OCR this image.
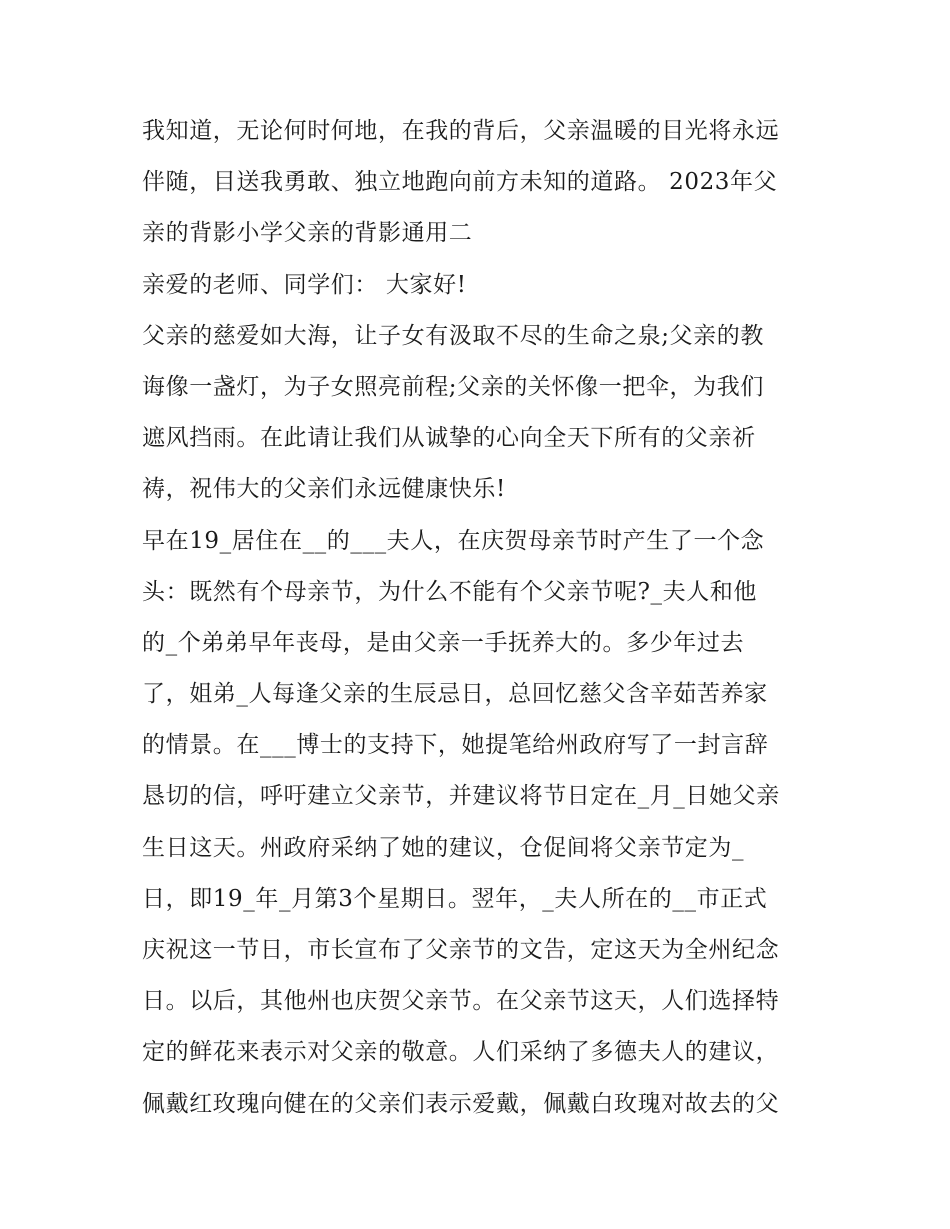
我知道，无论何时何地，在我的背后，父亲温暖的目光将永远
伴随，目送我勇敢、独立地跑向前方未知的道路。 2023年父
亲的背影小学父亲的背影通用二
亲爱的老师、同学们： 大家好!
父亲的慈爱如大海，让子女有汲取不尽的生命之泉;父亲的教
诲像一盏灯，为子女照亮前程;父亲的关怀像一把伞，为我们
遮风挡雨。在此请让我们从诚挚的心向全天下所有的父亲祈
祷，祝伟大的父亲们永远健康快乐!
早在19_居住在__的___夫人，在庆贺母亲节时产生了一个念
头：既然有个母亲节，为什么不能有个父亲节呢?_夫人和他
的_个弟弟早年丧母，是由父亲一手抚养大的。多少年过去
了，姐弟_人每逢父亲的生辰忌日，总回忆慈父含辛茹苦养家
的情景。在___博士的支持下，她提笔给州政府写了一封言辞
恳切的信，呼吁建立父亲节，并建议将节日定在_月_日她父亲
生日这天。州政府采纳了她的建议，仓促间将父亲节定为_
日，即19_年_月第3个星期日。翌年，_夫人所在的__市正式
庆祝这一节日，市长宣布了父亲节的文告，定这天为全州纪念
日。以后，其他州也庆贺父亲节。在父亲节这天，人们选择特
定的鲜花来表示对父亲的敬意。人们采纳了多德夫人的建议，
佩戴红玫瑰向健在的父亲们表示爱戴，佩戴白玫瑰对故去的父
